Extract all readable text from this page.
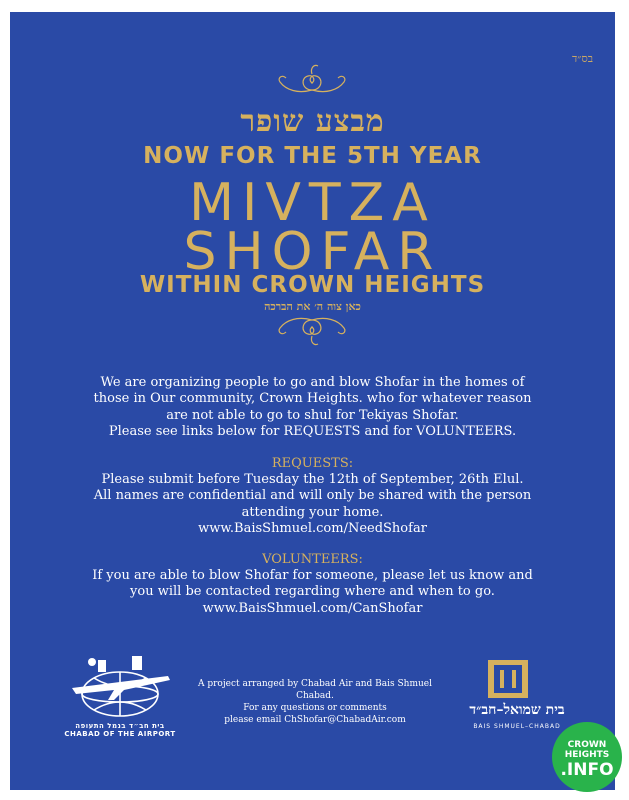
בס״ד
מבצע שופר
NOW FOR THE 5TH YEAR
MIVTZA
SHOFAR
WITHIN CROWN HEIGHTS
כאן צוה ה׳ את הברכה
We are organizing people to go and blow Shofar in the homes of
those in Our community, Crown Heights. who for whatever reason
are not able to go to shul for Tekiyas Shofar.
Please see links below for REQUESTS and for VOLUNTEERS.
REQUESTS:
Please submit before Tuesday the 12th of September, 26th Elul.
All names are confidential and will only be shared with the person
attending your home.
www.BaisShmuel.com/NeedShofar
VOLUNTEERS:
If you are able to blow Shofar for someone, please let us know and
you will be contacted regarding where and when to go.
www.BaisShmuel.com/CanShofar
בית חב״ד בנמל התעופה
CHABAD OF THE AIRPORT
A project arranged by Chabad Air and Bais Shmuel Chabad.
For any questions or comments
please email ChShofar@ChabadAir.com
בית שמואל–חב״ד
BAIS SHMUEL–CHABAD
CROWN
HEIGHTS
.INFO
